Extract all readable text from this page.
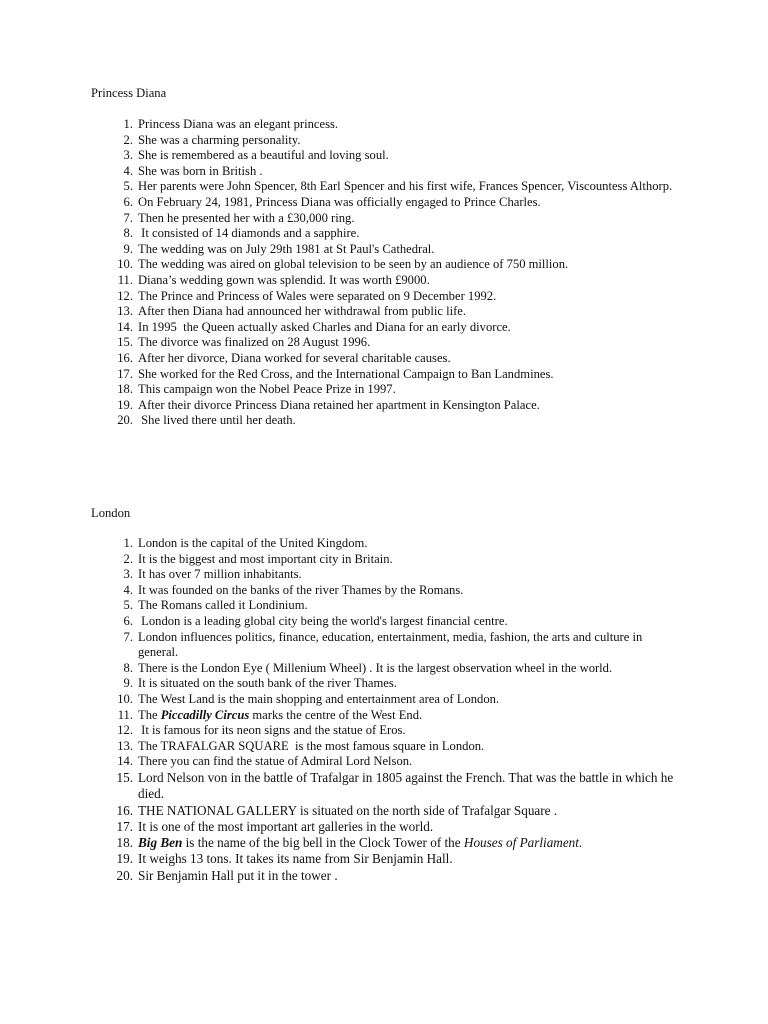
Princess Diana
1. Princess Diana was an elegant princess.
2. She was a charming personality.
3. She is remembered as a beautiful and loving soul.
4. She was born in British .
5. Her parents were John Spencer, 8th Earl Spencer and his first wife, Frances Spencer, Viscountess Althorp.
6. On February 24, 1981, Princess Diana was officially engaged to Prince Charles.
7. Then he presented her with a £30,000 ring.
8. It consisted of 14 diamonds and a sapphire.
9. The wedding was on July 29th 1981 at St Paul's Cathedral.
10. The wedding was aired on global television to be seen by an audience of 750 million.
11. Diana’s wedding gown was splendid. It was worth £9000.
12. The Prince and Princess of Wales were separated on 9 December 1992.
13. After then Diana had announced her withdrawal from public life.
14. In 1995  the Queen actually asked Charles and Diana for an early divorce.
15. The divorce was finalized on 28 August 1996.
16. After her divorce, Diana worked for several charitable causes.
17. She worked for the Red Cross, and the International Campaign to Ban Landmines.
18. This campaign won the Nobel Peace Prize in 1997.
19. After their divorce Princess Diana retained her apartment in Kensington Palace.
20. She lived there until her death.
London
1. London is the capital of the United Kingdom.
2. It is the biggest and most important city in Britain.
3. It has over 7 million inhabitants.
4. It was founded on the banks of the river Thames by the Romans.
5. The Romans called it Londinium.
6. London is a leading global city being the world's largest financial centre.
7. London influences politics, finance, education, entertainment, media, fashion, the arts and culture in general.
8. There is the London Eye ( Millenium Wheel) . It is the largest observation wheel in the world.
9. It is situated on the south bank of the river Thames.
10. The West Land is the main shopping and entertainment area of London.
11. The Piccadilly Circus marks the centre of the West End.
12. It is famous for its neon signs and the statue of Eros.
13. The TRAFALGAR SQUARE  is the most famous square in London.
14. There you can find the statue of Admiral Lord Nelson.
15. Lord Nelson von in the battle of Trafalgar in 1805 against the French. That was the battle in which he died.
16. THE NATIONAL GALLERY is situated on the north side of Trafalgar Square .
17. It is one of the most important art galleries in the world.
18. Big Ben is the name of the big bell in the Clock Tower of the Houses of Parliament.
19. It weighs 13 tons. It takes its name from Sir Benjamin Hall.
20. Sir Benjamin Hall put it in the tower .
